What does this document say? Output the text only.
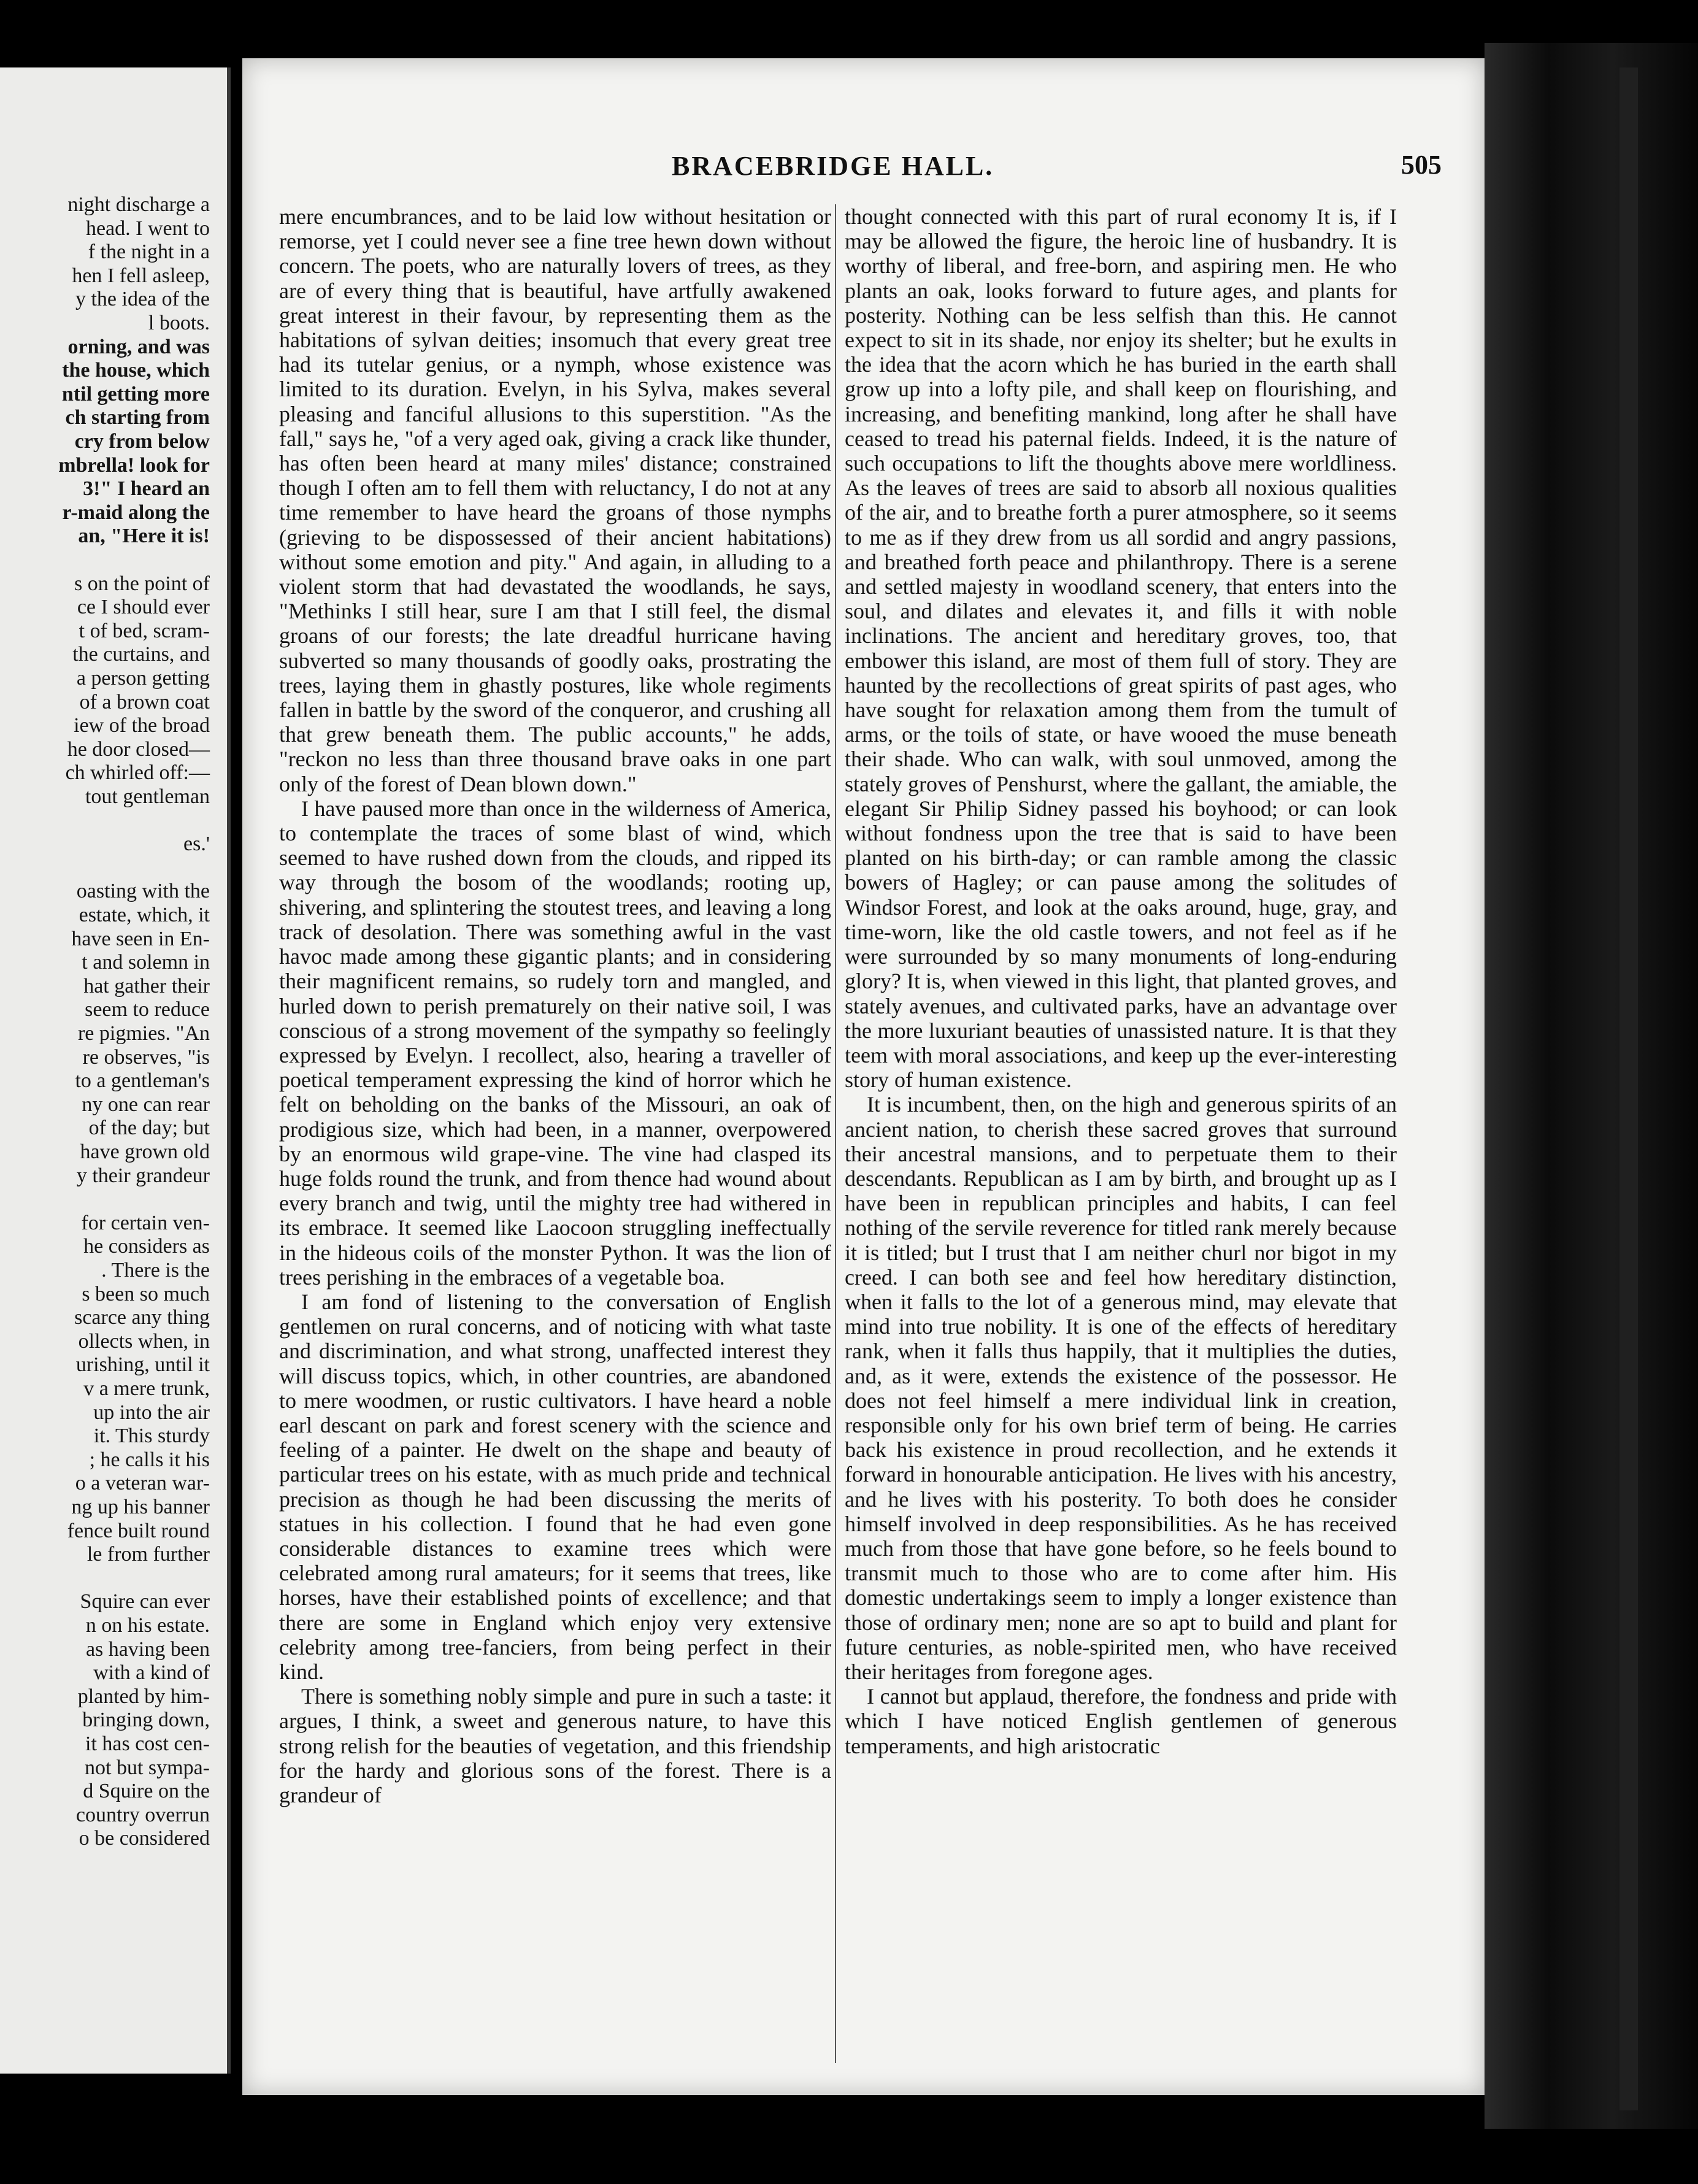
night discharge a
head. I went to
f the night in a
hen I fell asleep,
y the idea of the
l boots.
orning, and was
the house, which
ntil getting more
ch starting from
cry from below
mbrella! look for
3!" I heard an
r-maid along the
an, "Here it is!
s on the point of
ce I should ever
t of bed, scram-
the curtains, and
a person getting
of a brown coat
iew of the broad
he door closed—
ch whirled off:—
tout gentleman
es.'
oasting with the
estate, which, it
have seen in En-
t and solemn in
hat gather their
seem to reduce
re pigmies. "An
re observes, "is
to a gentleman's
ny one can rear
of the day; but
have grown old
y their grandeur
for certain ven-
he considers as
. There is the
s been so much
scarce any thing
ollects when, in
urishing, until it
v a mere trunk,
up into the air
it. This sturdy
; he calls it his
o a veteran war-
ng up his banner
fence built round
le from further
Squire can ever
n on his estate.
as having been
with a kind of
planted by him-
bringing down,
it has cost cen-
not but sympa-
d Squire on the
country overrun
o be considered
BRACEBRIDGE HALL.	505

mere encumbrances, and to be laid low without hesitation or remorse, yet I could never see a fine tree hewn down without concern. The poets, who are naturally lovers of trees, as they are of every thing that is beautiful, have artfully awakened great interest in their favour, by representing them as the habitations of sylvan deities; insomuch that every great tree had its tutelar genius, or a nymph, whose existence was limited to its duration. Evelyn, in his Sylva, makes several pleasing and fanciful allusions to this superstition. "As the fall," says he, "of a very aged oak, giving a crack like thunder, has often been heard at many miles' distance; constrained though I often am to fell them with reluctancy, I do not at any time remember to have heard the groans of those nymphs (grieving to be dispossessed of their ancient habitations) without some emotion and pity." And again, in alluding to a violent storm that had devastated the woodlands, he says, "Methinks I still hear, sure I am that I still feel, the dismal groans of our forests; the late dreadful hurricane having subverted so many thousands of goodly oaks, prostrating the trees, laying them in ghastly postures, like whole regiments fallen in battle by the sword of the conqueror, and crushing all that grew beneath them. The public accounts," he adds, "reckon no less than three thousand brave oaks in one part only of the forest of Dean blown down."

I have paused more than once in the wilderness of America, to contemplate the traces of some blast of wind, which seemed to have rushed down from the clouds, and ripped its way through the bosom of the woodlands; rooting up, shivering, and splintering the stoutest trees, and leaving a long track of desolation. There was something awful in the vast havoc made among these gigantic plants; and in considering their magnificent remains, so rudely torn and mangled, and hurled down to perish prematurely on their native soil, I was conscious of a strong movement of the sympathy so feelingly expressed by Evelyn. I recollect, also, hearing a traveller of poetical temperament expressing the kind of horror which he felt on beholding on the banks of the Missouri, an oak of prodigious size, which had been, in a manner, overpowered by an enormous wild grape-vine. The vine had clasped its huge folds round the trunk, and from thence had wound about every branch and twig, until the mighty tree had withered in its embrace. It seemed like Laocoon struggling ineffectually in the hideous coils of the monster Python. It was the lion of trees perishing in the embraces of a vegetable boa.

I am fond of listening to the conversation of English gentlemen on rural concerns, and of noticing with what taste and discrimination, and what strong, unaffected interest they will discuss topics, which, in other countries, are abandoned to mere woodmen, or rustic cultivators. I have heard a noble earl descant on park and forest scenery with the science and feeling of a painter. He dwelt on the shape and beauty of particular trees on his estate, with as much pride and technical precision as though he had been discussing the merits of statues in his collection. I found that he had even gone considerable distances to examine trees which were celebrated among rural amateurs; for it seems that trees, like horses, have their established points of excellence; and that there are some in England which enjoy very extensive celebrity among tree-fanciers, from being perfect in their kind.

There is something nobly simple and pure in such a taste: it argues, I think, a sweet and generous nature, to have this strong relish for the beauties of vegetation, and this friendship for the hardy and glorious sons of the forest. There is a grandeur of

thought connected with this part of rural economy It is, if I may be allowed the figure, the heroic line of husbandry. It is worthy of liberal, and free-born, and aspiring men. He who plants an oak, looks forward to future ages, and plants for posterity. Nothing can be less selfish than this. He cannot expect to sit in its shade, nor enjoy its shelter; but he exults in the idea that the acorn which he has buried in the earth shall grow up into a lofty pile, and shall keep on flourishing, and increasing, and benefiting mankind, long after he shall have ceased to tread his paternal fields. Indeed, it is the nature of such occupations to lift the thoughts above mere worldliness. As the leaves of trees are said to absorb all noxious qualities of the air, and to breathe forth a purer atmosphere, so it seems to me as if they drew from us all sordid and angry passions, and breathed forth peace and philanthropy. There is a serene and settled majesty in woodland scenery, that enters into the soul, and dilates and elevates it, and fills it with noble inclinations. The ancient and hereditary groves, too, that embower this island, are most of them full of story. They are haunted by the recollections of great spirits of past ages, who have sought for relaxation among them from the tumult of arms, or the toils of state, or have wooed the muse beneath their shade. Who can walk, with soul unmoved, among the stately groves of Penshurst, where the gallant, the amiable, the elegant Sir Philip Sidney passed his boyhood; or can look without fondness upon the tree that is said to have been planted on his birth-day; or can ramble among the classic bowers of Hagley; or can pause among the solitudes of Windsor Forest, and look at the oaks around, huge, gray, and time-worn, like the old castle towers, and not feel as if he were surrounded by so many monuments of long-enduring glory? It is, when viewed in this light, that planted groves, and stately avenues, and cultivated parks, have an advantage over the more luxuriant beauties of unassisted nature. It is that they teem with moral associations, and keep up the ever-interesting story of human existence.

It is incumbent, then, on the high and generous spirits of an ancient nation, to cherish these sacred groves that surround their ancestral mansions, and to perpetuate them to their descendants. Republican as I am by birth, and brought up as I have been in republican principles and habits, I can feel nothing of the servile reverence for titled rank merely because it is titled; but I trust that I am neither churl nor bigot in my creed. I can both see and feel how hereditary distinction, when it falls to the lot of a generous mind, may elevate that mind into true nobility. It is one of the effects of hereditary rank, when it falls thus happily, that it multiplies the duties, and, as it were, extends the existence of the possessor. He does not feel himself a mere individual link in creation, responsible only for his own brief term of being. He carries back his existence in proud recollection, and he extends it forward in honourable anticipation. He lives with his ancestry, and he lives with his posterity. To both does he consider himself involved in deep responsibilities. As he has received much from those that have gone before, so he feels bound to transmit much to those who are to come after him. His domestic undertakings seem to imply a longer existence than those of ordinary men; none are so apt to build and plant for future centuries, as noble-spirited men, who have received their heritages from foregone ages.

I cannot but applaud, therefore, the fondness and pride with which I have noticed English gentlemen of generous temperaments, and high aristocratic
